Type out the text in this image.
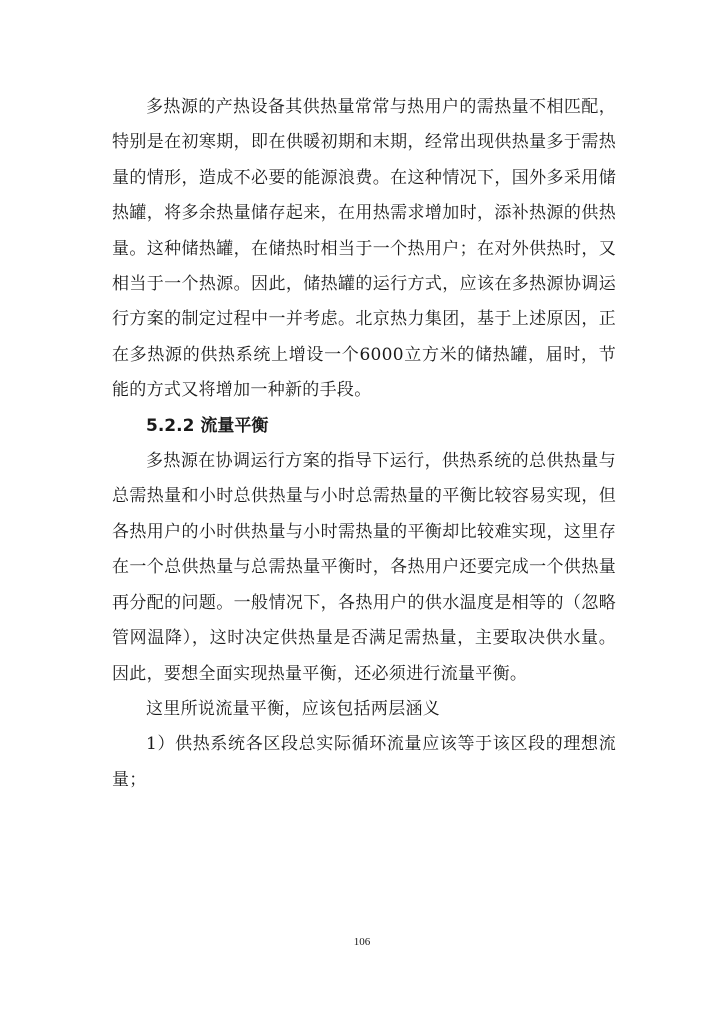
多热源的产热设备其供热量常常与热用户的需热量不相匹配，特别是在初寒期，即在供暖初期和末期，经常出现供热量多于需热量的情形，造成不必要的能源浪费。在这种情况下，国外多采用储热罐，将多余热量储存起来，在用热需求增加时，添补热源的供热量。这种储热罐，在储热时相当于一个热用户；在对外供热时，又相当于一个热源。因此，储热罐的运行方式，应该在多热源协调运行方案的制定过程中一并考虑。北京热力集团，基于上述原因，正在多热源的供热系统上增设一个6000立方米的储热罐，届时，节能的方式又将增加一种新的手段。

5.2.2 流量平衡

多热源在协调运行方案的指导下运行，供热系统的总供热量与总需热量和小时总供热量与小时总需热量的平衡比较容易实现，但各热用户的小时供热量与小时需热量的平衡却比较难实现，这里存在一个总供热量与总需热量平衡时，各热用户还要完成一个供热量再分配的问题。一般情况下，各热用户的供水温度是相等的（忽略管网温降），这时决定供热量是否满足需热量，主要取决供水量。因此，要想全面实现热量平衡，还必须进行流量平衡。

这里所说流量平衡，应该包括两层涵义

1）供热系统各区段总实际循环流量应该等于该区段的理想流量；

106
